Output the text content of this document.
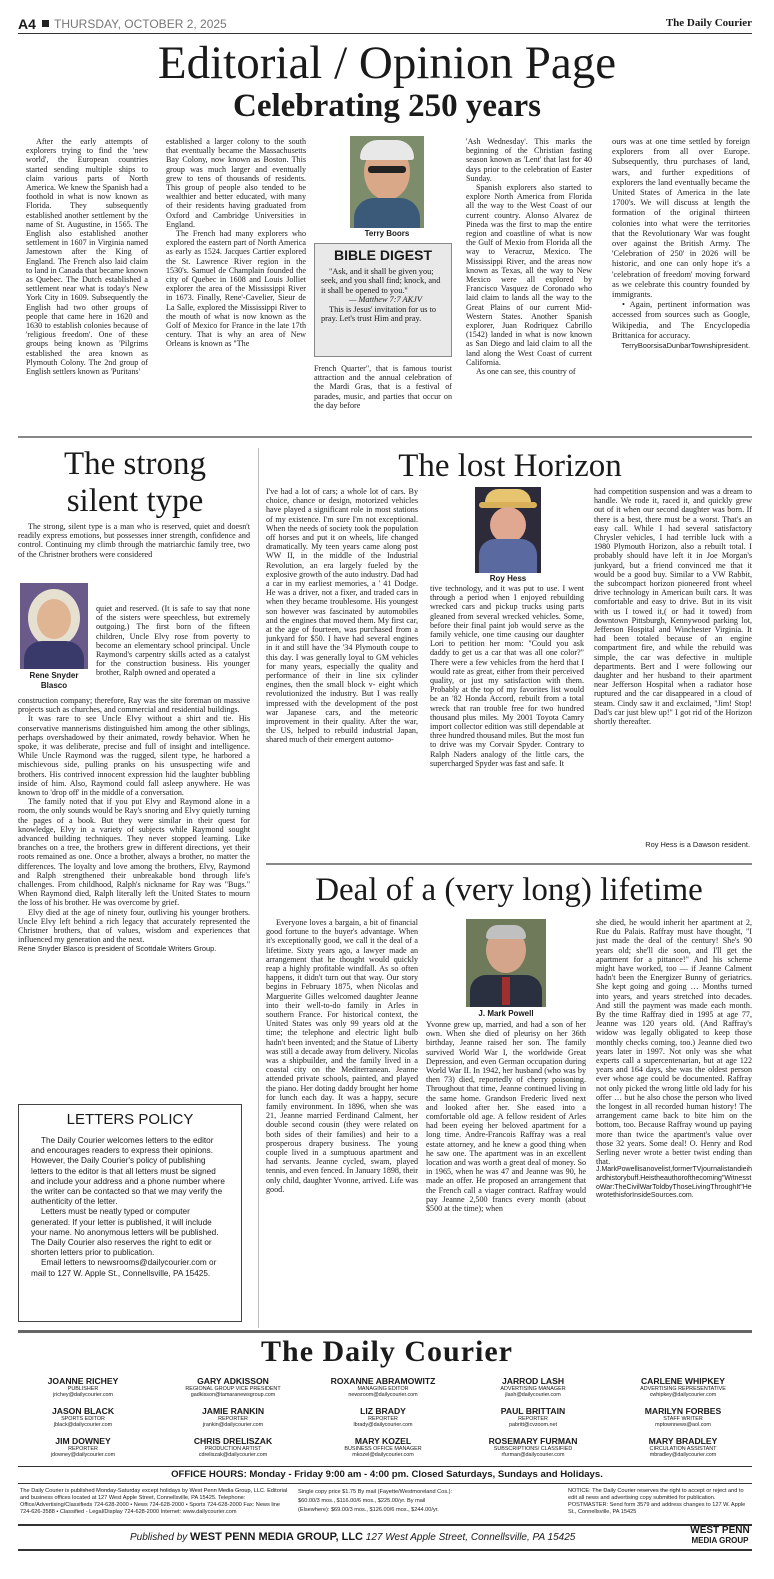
A4 THURSDAY, OCTOBER 2, 2025	The Daily Courier
Editorial / Opinion Page
Celebrating 250 years

After the early attempts of explorers trying to find the 'new world', the European countries started sending multiple ships to claim various parts of North America. We knew the Spanish had a foothold in what is now known as Florida. They subsequently established another settlement by the name of St. Augustine, in 1565. The English also established another settlement in 1607 in Virginia named Jamestown after the King of England. The French also laid claim to land in Canada that became known as Quebec. The Dutch established a settlement near what is today's New York City in 1609. Subsequently the English had two other groups of people that came here in 1620 and 1630 to establish colonies because of 'religious freedom'. One of these groups being known as 'Pilgrims established the area known as Plymouth Colony. The 2nd group of English settlers known as 'Puritans'

established a larger colony to the south that eventually became the Massachusetts Bay Colony, now known as Boston. This group was much larger and eventually grew to tens of thousands of residents. This group of people also tended to be wealthier and better educated, with many of their residents having graduated from Oxford and Cambridge Universities in England.

The French had many explorers who explored the eastern part of North America as early as 1524. Jacques Cartier explored the St. Lawrence River region in the 1530's. Samuel de Champlain founded the city of Quebec in 1608 and Louis Jolliet explorer the area of the Mississippi River in 1673. Finally, Rene'-Cavelier, Sieur de La Salle, explored the Mississippi River to the mouth of what is now known as the Golf of Mexico for France in the late 17th century. That is why an area of New Orleans is known as "The

Terry Boors
BIBLE DIGEST
"Ask, and it shall be given you; seek, and you shall find; knock, and it shall be opened to you."
— Matthew 7:7 AKJV
This is Jesus' invitation for us to pray. Let's trust Him and pray.

French Quarter", that is famous tourist attraction and the annual celebration of the Mardi Gras, that is a festival of parades, music, and parties that occur on the day before

'Ash Wednesday'. This marks the beginning of the Christian fasting season known as 'Lent' that last for 40 days prior to the celebration of Easter Sunday.

Spanish explorers also started to explore North America from Florida all the way to the West Coast of our current country. Alonso Alvarez de Pineda was the first to map the entire region and coastline of what is now the Gulf of Mexio from Florida all the way to Veracruz, Mexico. The Mississippi River, and the areas now known as Texas, all the way to New Mexico were all explored by Francisco Vasquez de Coronado who laid claim to lands all the way to the Great Plains of our current Mid-Western States. Another Spanish explorer, Juan Rodriquez Cabrillo (1542) landed in what is now known as San Diego and laid claim to all the land along the West Coast of current California.

As one can see, this country of

ours was at one time settled by foreign explorers from all over Europe. Subsequently, thru purchases of land, wars, and further expeditions of explorers the land eventually became the United States of America in the late 1700's. We will discuss at length the formation of the original thirteen colonies into what were the territories that the Revolutionary War was fought over against the British Army. The 'Celebration of 250' in 2026 will be historic, and one can only hope it's a 'celebration of freedom' moving forward as we celebrate this country founded by immigrants.

• Again, pertinent information was accessed from sources such as Google, Wikipedia, and The Encyclopedia Brittanica for accuracy.

TerryBoorsisaDunbarTownshipresident.

The strong silent type
The strong, silent type is a man who is reserved, quiet and doesn't readily express emotions, but possesses inner strength, confidence and control. Continuing my climb through the matriarchic family tree, two of the Christner brothers were considered
Rene Snyder Blasco
quiet and reserved. (It is safe to say that none of the sisters were speechless, but extremely outgoing.) The first born of the fifteen children, Uncle Elvy rose from poverty to become an elementary school principal. Uncle Raymond's carpentry skills acted as a catalyst for the construction business. His younger brother, Ralph owned and operated a
construction company; therefore, Ray was the site foreman on massive projects such as churches, and commercial and residential buildings.

It was rare to see Uncle Elvy without a shirt and tie. His conservative mannerisms distinguished him among the other siblings, perhaps overshadowed by their animated, rowdy behavior. When he spoke, it was deliberate, precise and full of insight and intelligence. While Uncle Raymond was the rugged, silent type, he harbored a mischievous side, pulling pranks on his unsuspecting wife and brothers. His contrived innocent expression hid the laughter bubbling inside of him. Also, Raymond could fall asleep anywhere. He was known to 'drop off' in the middle of a conversation.

The family noted that if you put Elvy and Raymond alone in a room, the only sounds would be Ray's snoring and Elvy quietly turning the pages of a book. But they were similar in their quest for knowledge, Elvy in a variety of subjects while Raymond sought advanced building techniques. They never stopped learning. Like branches on a tree, the brothers grew in different directions, yet their roots remained as one. Once a brother, always a brother, no matter the differences. The loyalty and love among the brothers, Elvy, Raymond and Ralph strengthened their unbreakable bond through life's challenges. From childhood, Ralph's nickname for Ray was "Bugs." When Raymond died, Ralph literally left the United States to mourn the loss of his brother. He was overcome by grief.

Elvy died at the age of ninety four, outliving his younger brothers. Uncle Elvy left behind a rich legacy that accurately represented the Christner brothers, that of values, wisdom and experiences that influenced my generation and the next.

Rene Snyder Blasco is president of Scottdale Writers Group.

LETTERS POLICY
The Daily Courier welcomes letters to the editor and encourages readers to express their opinions. However, the Daily Courier's policy of publishing letters to the editor is that all letters must be signed and include your address and a phone number where the writer can be contacted so that we may verify the authenticity of the letter.
Letters must be neatly typed or computer generated. If your letter is published, it will include your name. No anonymous letters will be published. The Daily Courier also reserves the right to edit or shorten letters prior to publication.
Email letters to newsrooms@dailycourier.com or mail to 127 W. Apple St., Connellsville, PA 15425.
The lost Horizon

I've had a lot of cars; a whole lot of cars. By choice, chance or design, motorized vehicles have played a significant role in most stations of my existence. I'm sure I'm not exceptional. When the needs of society took the population off horses and put it on wheels, life changed dramatically. My teen years came along post WW II, in the middle of the Industrial Revolution, an era largely fueled by the explosive growth of the auto industry. Dad had a car in my earliest memories, a ' 41 Dodge. He was a driver, not a fixer, and traded cars in when they became troublesome. His youngest son however was fascinated by automobiles and the engines that moved them. My first car, at the age of fourteen, was purchased from a junkyard for $50. I have had several engines in it and still have the '34 Plymouth coupe to this day. I was generally loyal to GM vehicles for many years, especially the quality and performance of their in line six cylinder engines, then the small block v- eight which revolutionized the industry. But I was really impressed with the development of the post war Japanese cars, and the meteoric improvement in their quality. After the war, the US, helped to rebuild industrial Japan, shared much of their emergent automo-

Roy Hess

tive technology, and it was put to use. I went through a period when I enjoyed rebuilding wrecked cars and pickup trucks using parts gleaned from several wrecked vehicles. Some, before their final paint job would serve as the family vehicle, one time causing our daughter Lori to petition her mom: "Could you ask daddy to get us a car that was all one color?" There were a few vehicles from the herd that I would rate as great, either from their perceived quality, or just my satisfaction with them. Probably at the top of my favorites list would be an '82 Honda Accord, rebuilt from a total wreck that ran trouble free for two hundred thousand plus miles. My 2001 Toyota Camry import collector edition was still dependable at three hundred thousand miles. But the most fun to drive was my Corvair Spyder. Contrary to Ralph Naders analogy of the little cars, the supercharged Spyder was fast and safe. It

had competition suspension and was a dream to handle. We rode it, raced it, and quickly grew out of it when our second daughter was born. If there is a best, there must be a worst. That's an easy call. While I had several satisfactory Chrysler vehicles, I had terrible luck with a 1980 Plymouth Horizon, also a rebuilt total. I probably should have left it in Joe Morgan's junkyard, but a friend convinced me that it would be a good buy. Similar to a VW Rabbit, the subcompact horizon pioneered front wheel drive technology in American built cars. It was comfortable and easy to drive. But in its visit with us I towed it,( or had it towed) from downtown Pittsburgh, Kennywood parking lot, Jefferson Hospital and Winchester Virginia. It had been totaled because of an engine compartment fire, and while the rebuild was simple, the car was defective in multiple departments. Bert and I were following our daughter and her husband to their apartment near Jefferson Hospital when a radiator hose ruptured and the car disappeared in a cloud of steam. Cindy saw it and exclaimed, "Jim! Stop! Dad's car just blew up!" I got rid of the Horizon shortly thereafter.

Roy Hess is a Dawson resident.
Deal of a (very long) lifetime

Everyone loves a bargain, a bit of financial good fortune to the buyer's advantage. When it's exceptionally good, we call it the deal of a lifetime. Sixty years ago, a lawyer made an arrangement that he thought would quickly reap a highly profitable windfall. As so often happens, it didn't turn out that way. Our story begins in February 1875, when Nicolas and Marguerite Gilles welcomed daughter Jeanne into their well-to-do family in Arles in southern France. For historical context, the United States was only 99 years old at the time; the telephone and electric light bulb hadn't been invented; and the Statue of Liberty was still a decade away from delivery. Nicolas was a shipbuilder, and the family lived in a coastal city on the Mediterranean. Jeanne attended private schools, painted, and played the piano. Her doting daddy brought her home for lunch each day. It was a happy, secure family environment. In 1896, when she was 21, Jeanne married Ferdinand Calment, her double second cousin (they were related on both sides of their families) and heir to a prosperous drapery business. The young couple lived in a sumptuous apartment and had servants. Jeanne cycled, swam, played tennis, and even fenced. In January 1898, their only child, daughter Yvonne, arrived. Life was good.

J. Mark Powell

Yvonne grew up, married, and had a son of her own. When she died of pleurisy on her 36th birthday, Jeanne raised her son. The family survived World War I, the worldwide Great Depression, and even German occupation during World War II. In 1942, her husband (who was by then 73) died, reportedly of cherry poisoning. Throughout that time, Jeanne continued living in the same home. Grandson Frederic lived next and looked after her. She eased into a comfortable old age. A fellow resident of Arles had been eyeing her beloved apartment for a long time. Andre-Francois Raffray was a real estate attorney, and he knew a good thing when he saw one. The apartment was in an excellent location and was worth a great deal of money. So in 1965, when he was 47 and Jeanne was 90, he made an offer. He proposed an arrangement that the French call a viager contract. Raffray would pay Jeanne 2,500 francs every month (about $500 at the time); when

she died, he would inherit her apartment at 2, Rue du Palais. Raffray must have thought, "I just made the deal of the century! She's 90 years old; she'll die soon, and I'll get the apartment for a pittance!" And his scheme might have worked, too — if Jeanne Calment hadn't been the Energizer Bunny of geriatrics. She kept going and going … Months turned into years, and years stretched into decades. And still the payment was made each month. By the time Raffray died in 1995 at age 77, Jeanne was 120 years old. (And Raffray's widow was legally obligated to keep those monthly checks coming, too.) Jeanne died two years later in 1997. Not only was she what experts call a supercentenarian, but at age 122 years and 164 days, she was the oldest person ever whose age could be documented. Raffray not only picked the wrong little old lady for his offer … but he also chose the person who lived the longest in all recorded human history! The arrangement came back to bite him on the bottom, too. Because Raffray wound up paying more than twice the apartment's value over those 32 years. Some deal! O. Henry and Rod Serling never wrote a better twist ending than that.

J.MarkPowellisanovelist,formerTVjournalistandieihardhistorybuff.Heistheauthorofthecoming"WitnesstoWar:TheCivilWarToldbyThoseLivingThroughIt"HewrotethisforInsideSources.com.

The Daily Courier
JOANNE RICHEY
PUBLISHER
jrichey@dailycourier.com
GARY ADKISSON
REGIONAL GROUP VICE PRESIDENT
gadkisson@tamaranewsgroup.com
ROXANNE ABRAMOWITZ
MANAGING EDITOR
newsroom@dailycourier.com
JARROD LASH
ADVERTISING MANAGER
jlash@dailycourier.com
CARLENE WHIPKEY
ADVERTISING REPRESENTATIVE
cwhipkey@dailycourier.com
JASON BLACK
SPORTS EDITOR
jblack@dailycourier.com
JAMIE RANKIN
REPORTER
jrankin@dailycourier.com
LIZ BRADY
REPORTER
lbrady@dailycourier.com
PAUL BRITTAIN
REPORTER
pabritt@cvzoom.net
MARILYN FORBES
STAFF WRITER
mptownnews@aol.com
JIM DOWNEY
REPORTER
jdowney@dailycourier.com
CHRIS DRELISZAK
PRODUCTION ARTIST
cdreliszak@dailycourier.com
MARY KOZEL
BUSINESS OFFICE MANAGER
mkozel@dailycourier.com
ROSEMARY FURMAN
SUBSCRIPTIONS/ CLASSIFIED
rfurman@dailycourier.com
MARY BRADLEY
CIRCULATION ASSISTANT
mbradley@dailycourier.com
OFFICE HOURS: Monday - Friday 9:00 am - 4:00 pm. Closed Saturdays, Sundays and Holidays.
The Daily Courier is published Monday-Saturday except holidays by West Penn Media Group, LLC. Editorial and business offices located at 127 West Apple Street, Connellsville, PA 15425. Telephone: Office/Advertising/Classifieds 724-628-2000 • News 724-628-2000 • Sports 724-628-2000 Fax: News line 724-626-3588 • Classified - Legal/Display 724-628-2000 Internet: www.dailycourier.com
Single copy price $1.75 By mail (Fayette/Westmoreland Cos.): $60.00/3 mos., $116.00/6 mos., $225.00/yr. By mail (Elsewhere): $69.00/3 mos., $126.00/6 mos., $244.00/yr.
NOTICE: The Daily Courier reserves the right to accept or reject and to edit all news and advertising copy submitted for publication.
POSTMASTER: Send form 3579 and address changes to 127 W. Apple St., Connellsville, PA 15425
Published by WEST PENN MEDIA GROUP, LLC 127 West Apple Street, Connellsville, PA 15425
WEST PENN
MEDIA GROUP
